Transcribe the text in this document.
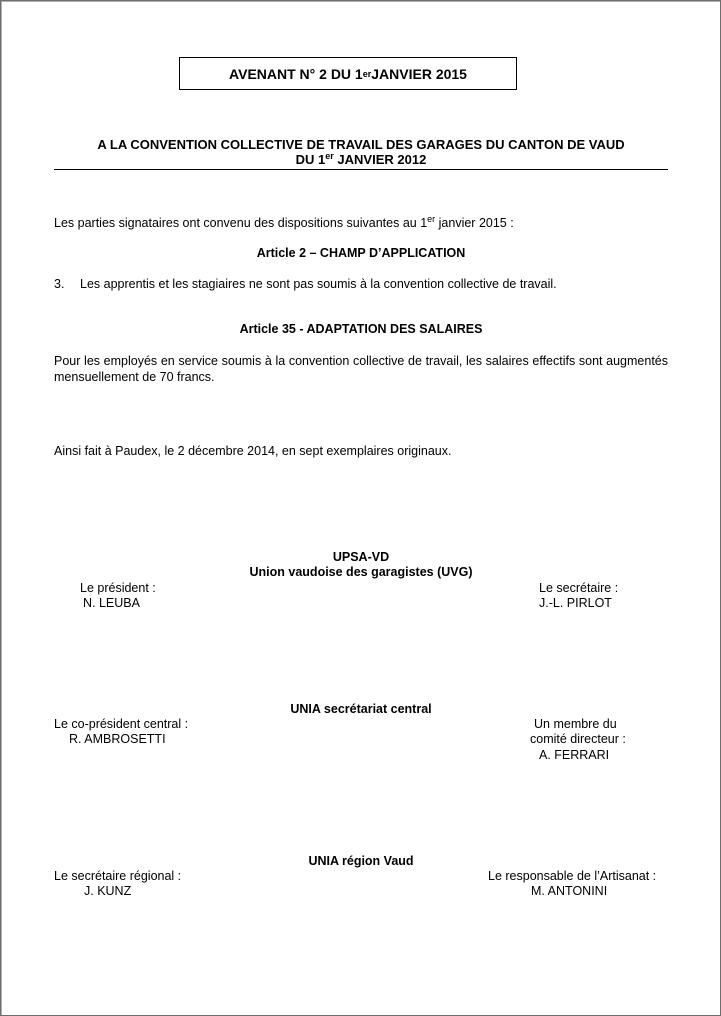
AVENANT N° 2 DU 1 er JANVIER 2015
A LA CONVENTION COLLECTIVE DE TRAVAIL DES GARAGES DU CANTON DE VAUD
DU 1er JANVIER 2012
Les parties signataires ont convenu des dispositions suivantes au 1er janvier 2015 :
Article 2 – CHAMP D’APPLICATION
3. Les apprentis et les stagiaires ne sont pas soumis à la convention collective de travail.
Article 35 - ADAPTATION DES SALAIRES
Pour les employés en service soumis à la convention collective de travail, les salaires effectifs sont augmentés mensuellement de 70 francs.
Ainsi fait à Paudex, le 2 décembre 2014, en sept exemplaires originaux.
UPSA-VD
Union vaudoise des garagistes (UVG)
Le président :
N. LEUBA
Le secrétaire :
J.-L. PIRLOT
UNIA secrétariat central
Le co-président central :
R. AMBROSETTI
Un membre du
comité directeur :
A. FERRARI
UNIA région Vaud
Le secrétaire régional :
J. KUNZ
Le responsable de l’Artisanat :
M. ANTONINI
